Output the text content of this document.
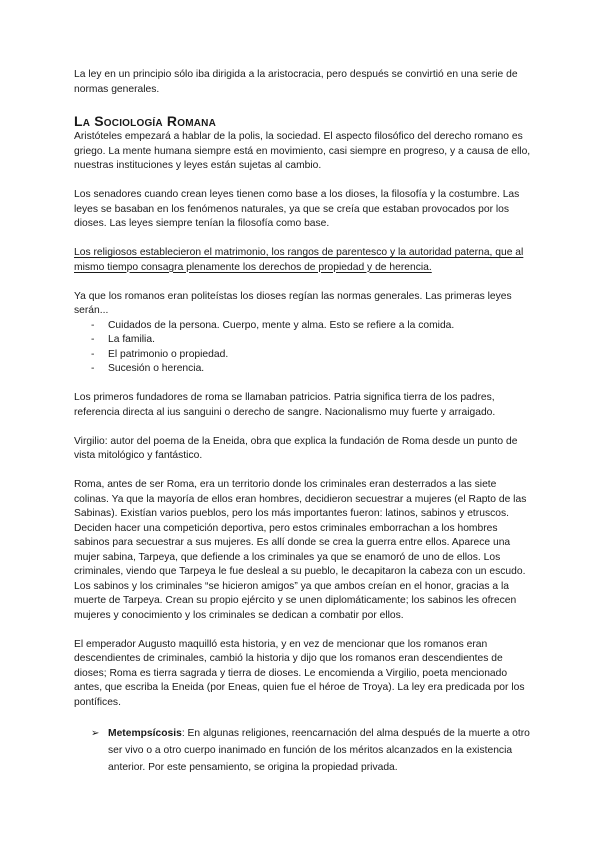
La ley en un principio sólo iba dirigida a la aristocracia, pero después se convirtió en una serie de normas generales.

La Sociología Romana

Aristóteles empezará a hablar de la polis, la sociedad. El aspecto filosófico del derecho romano es griego. La mente humana siempre está en movimiento, casi siempre en progreso, y a causa de ello, nuestras instituciones y leyes están sujetas al cambio.

Los senadores cuando crean leyes tienen como base a los dioses, la filosofía y la costumbre. Las leyes se basaban en los fenómenos naturales, ya que se creía que estaban provocados por los dioses. Las leyes siempre tenían la filosofía como base.

Los religiosos establecieron el matrimonio, los rangos de parentesco y la autoridad paterna, que al mismo tiempo consagra plenamente los derechos de propiedad y de herencia.

Ya que los romanos eran politeístas los dioses regían las normas generales. Las primeras leyes serán...

- Cuidados de la persona. Cuerpo, mente y alma. Esto se refiere a la comida.
- La familia.
- El patrimonio o propiedad.
- Sucesión o herencia.

Los primeros fundadores de roma se llamaban patricios. Patria significa tierra de los padres, referencia directa al ius sanguini o derecho de sangre. Nacionalismo muy fuerte y arraigado.

Virgilio: autor del poema de la Eneida, obra que explica la fundación de Roma desde un punto de vista mitológico y fantástico.

Roma, antes de ser Roma, era un territorio donde los criminales eran desterrados a las siete colinas. Ya que la mayoría de ellos eran hombres, decidieron secuestrar a mujeres (el Rapto de las Sabinas). Existían varios pueblos, pero los más importantes fueron: latinos, sabinos y etruscos.

Deciden hacer una competición deportiva, pero estos criminales emborrachan a los hombres sabinos para secuestrar a sus mujeres. Es allí donde se crea la guerra entre ellos. Aparece una mujer sabina, Tarpeya, que defiende a los criminales ya que se enamoró de uno de ellos. Los criminales, viendo que Tarpeya le fue desleal a su pueblo, le decapitaron la cabeza con un escudo.

Los sabinos y los criminales “se hicieron amigos” ya que ambos creían en el honor, gracias a la muerte de Tarpeya. Crean su propio ejército y se unen diplomáticamente; los sabinos les ofrecen mujeres y conocimiento y los criminales se dedican a combatir por ellos.

El emperador Augusto maquilló esta historia, y en vez de mencionar que los romanos eran descendientes de criminales, cambió la historia y dijo que los romanos eran descendientes de dioses; Roma es tierra sagrada y tierra de dioses. Le encomienda a Virgilio, poeta mencionado antes, que escriba la Eneida (por Eneas, quien fue el héroe de Troya). La ley era predicada por los pontífices.

➢ Metempsícosis: En algunas religiones, reencarnación del alma después de la muerte a otro ser vivo o a otro cuerpo inanimado en función de los méritos alcanzados en la existencia anterior. Por este pensamiento, se origina la propiedad privada.
